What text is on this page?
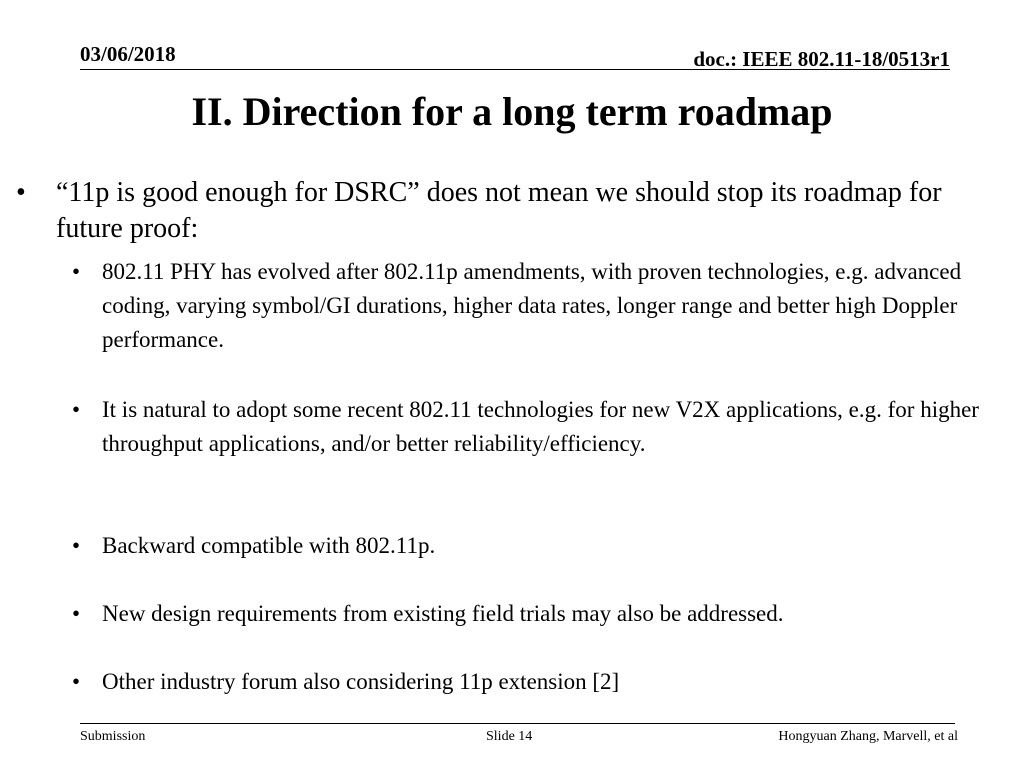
03/06/2018	doc.: IEEE 802.11-18/0513r1
II. Direction for a long term roadmap
• “11p is good enough for DSRC” does not mean we should stop its roadmap for future proof:
• 802.11 PHY has evolved after 802.11p amendments, with proven technologies, e.g. advanced coding, varying symbol/GI durations, higher data rates, longer range and better high Doppler performance.
• It is natural to adopt some recent 802.11 technologies for new V2X applications, e.g. for higher throughput applications, and/or better reliability/efficiency.
• Backward compatible with 802.11p.
• New design requirements from existing field trials may also be addressed.
• Other industry forum also considering 11p extension [2]
Submission	Slide 14	Hongyuan Zhang, Marvell, et al
